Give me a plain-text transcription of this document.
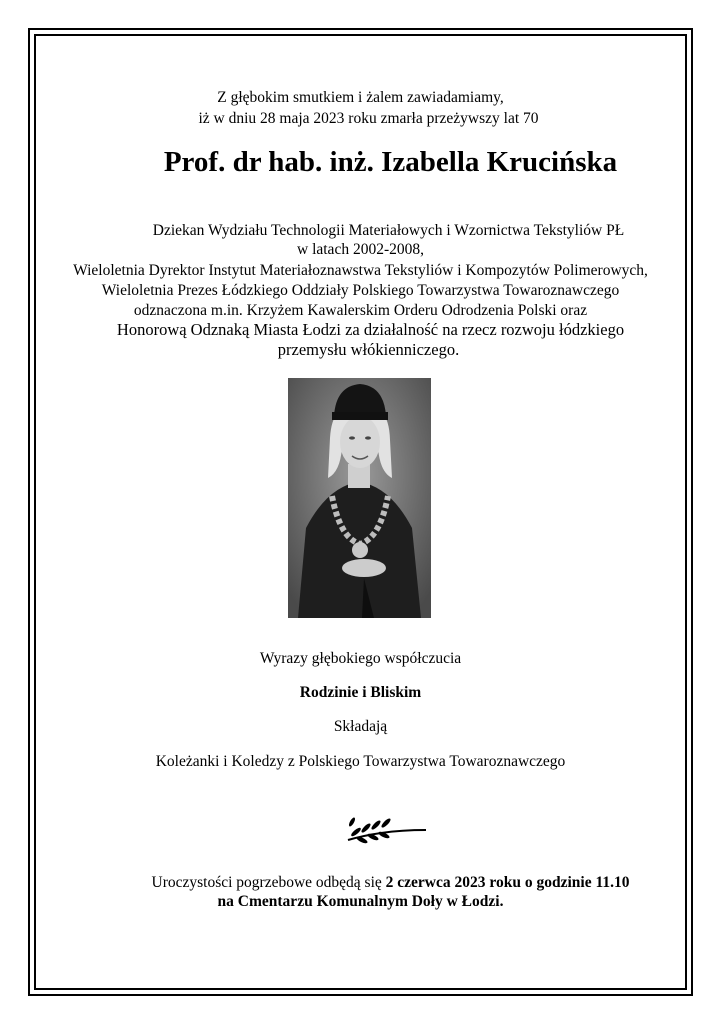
Z głębokim smutkiem i żalem zawiadamiamy,
iż w dniu 28 maja 2023 roku zmarła przeżywszy lat 70
Prof. dr hab. inż. Izabella Krucińska
Dziekan Wydziału Technologii Materiałowych i Wzornictwa Tekstyliów PŁ
w latach 2002-2008,
Wieloletnia Dyrektor Instytut Materiałoznawstwa Tekstyliów i Kompozytów Polimerowych,
Wieloletnia Prezes Łódzkiego Oddziały Polskiego Towarzystwa Towaroznawczego
odznaczona m.in. Krzyżem Kawalerskim Orderu Odrodzenia Polski oraz
Honorową Odznaką Miasta Łodzi za działalność na rzecz rozwoju łódzkiego
przemysłu włókienniczego.
Wyrazy głębokiego współczucia
Rodzinie i Bliskim
Składają
Koleżanki i Koledzy z Polskiego Towarzystwa Towaroznawczego
Uroczystości pogrzebowe odbędą się 2 czerwca 2023 roku o godzinie 11.10
na Cmentarzu Komunalnym Doły w Łodzi.
